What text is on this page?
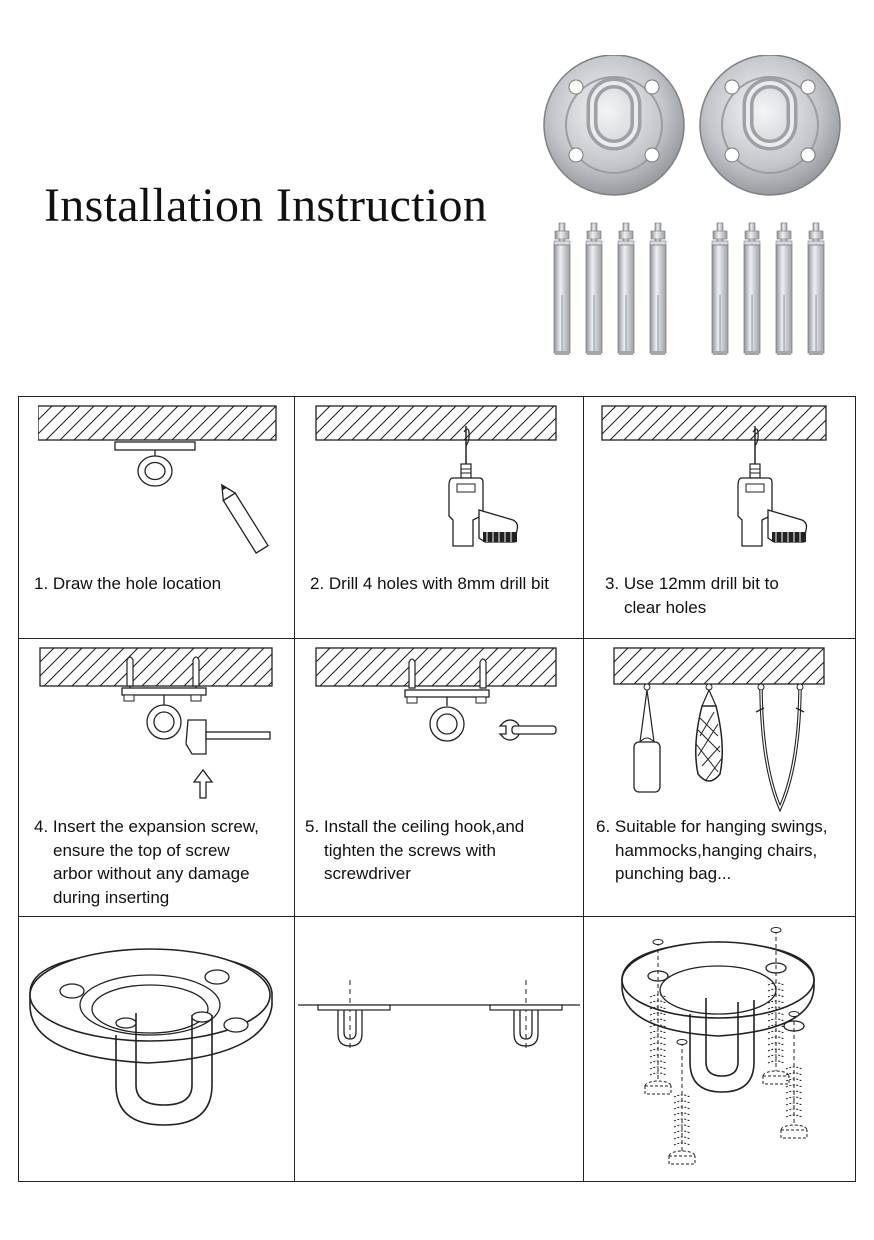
Installation Instruction
1. Draw the hole location	2. Drill 4 holes with 8mm drill bit	3. Use 12mm drill bit to
clear holes
4. Insert the expansion screw,
ensure the top of screw
arbor without any damage
during inserting
5. Install the ceiling hook,and
tighten the screws with
screwdriver
6. Suitable for hanging swings,
hammocks,hanging chairs,
punching bag...
